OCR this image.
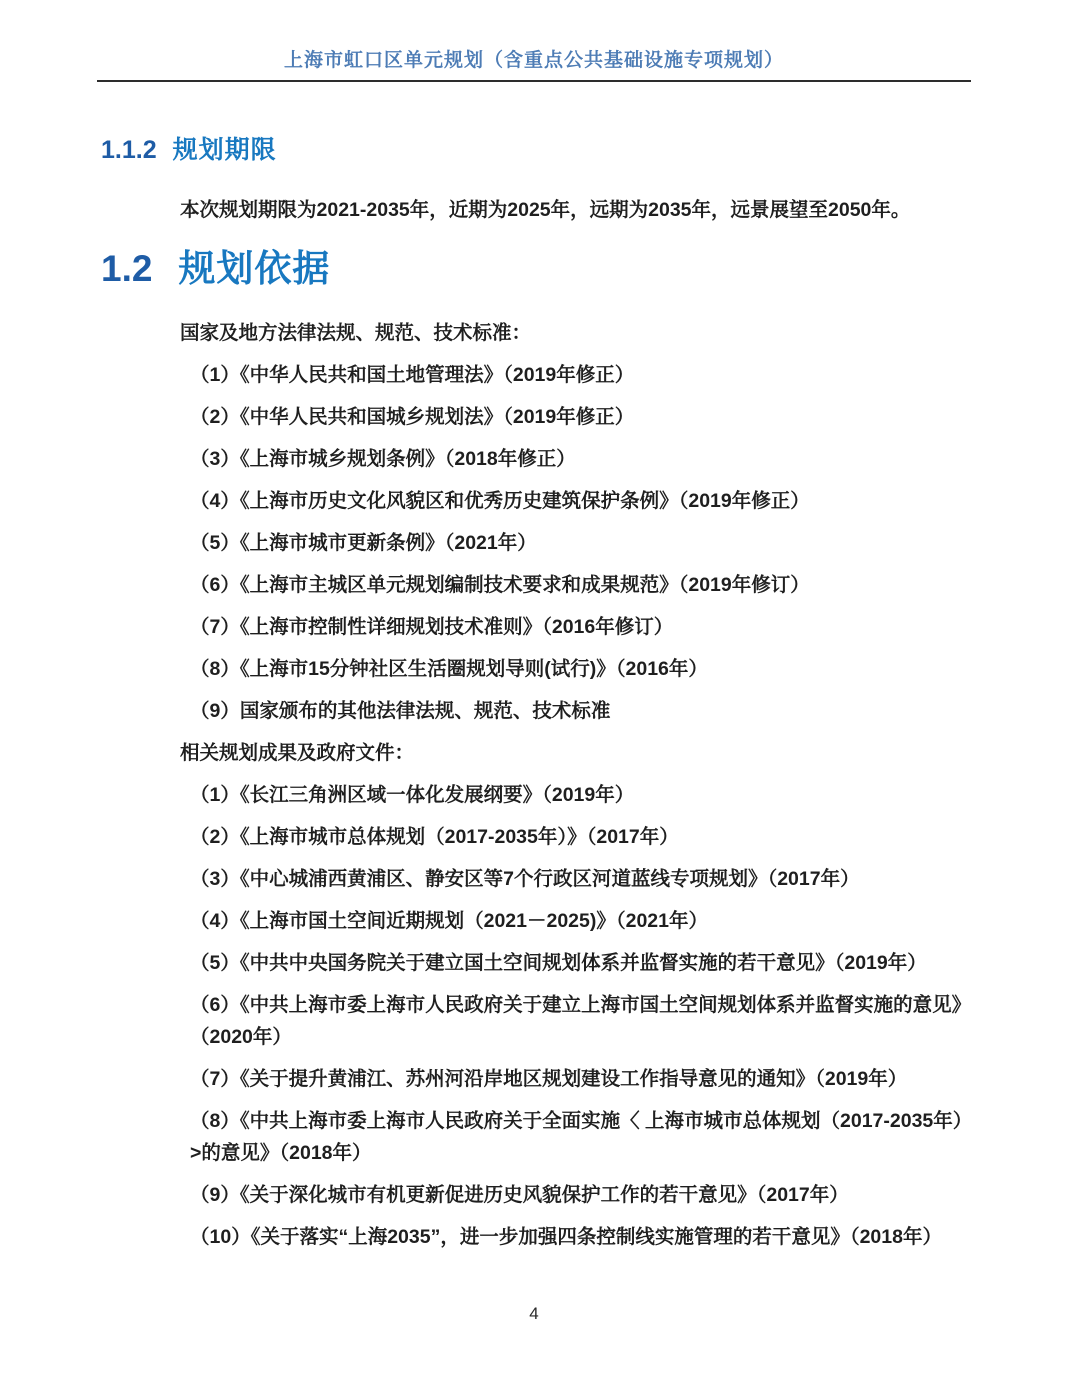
上海市虹口区单元规划（含重点公共基础设施专项规划）
1.1.2 规划期限

本次规划期限为2021-2035年，近期为2025年，远期为2035年，远景展望至2050年。

1.2 规划依据
国家及地方法律法规、规范、技术标准：
（1）《中华人民共和国土地管理法》（2019年修正）
（2）《中华人民共和国城乡规划法》（2019年修正）
（3）《上海市城乡规划条例》（2018年修正）
（4）《上海市历史文化风貌区和优秀历史建筑保护条例》（2019年修正）
（5）《上海市城市更新条例》（2021年）
（6）《上海市主城区单元规划编制技术要求和成果规范》（2019年修订）
（7）《上海市控制性详细规划技术准则》（2016年修订）
（8）《上海市15分钟社区生活圈规划导则(试行)》（2016年）
（9）国家颁布的其他法律法规、规范、技术标准
相关规划成果及政府文件：
（1）《长江三角洲区域一体化发展纲要》（2019年）
（2）《上海市城市总体规划（2017-2035年）》（2017年）
（3）《中心城浦西黄浦区、静安区等7个行政区河道蓝线专项规划》（2017年）
（4）《上海市国土空间近期规划（2021－2025)》（2021年）
（5）《中共中央国务院关于建立国土空间规划体系并监督实施的若干意见》（2019年）
（6）《中共上海市委上海市人民政府关于建立上海市国土空间规划体系并监督实施的意见》（2020年）
（7）《关于提升黄浦江、苏州河沿岸地区规划建设工作指导意见的通知》（2019年）
（8）《中共上海市委上海市人民政府关于全面实施〈 上海市城市总体规划（2017-2035年）>的意见》（2018年）
（9）《关于深化城市有机更新促进历史风貌保护工作的若干意见》（2017年）
（10）《关于落实“上海2035”，进一步加强四条控制线实施管理的若干意见》（2018年）
4
